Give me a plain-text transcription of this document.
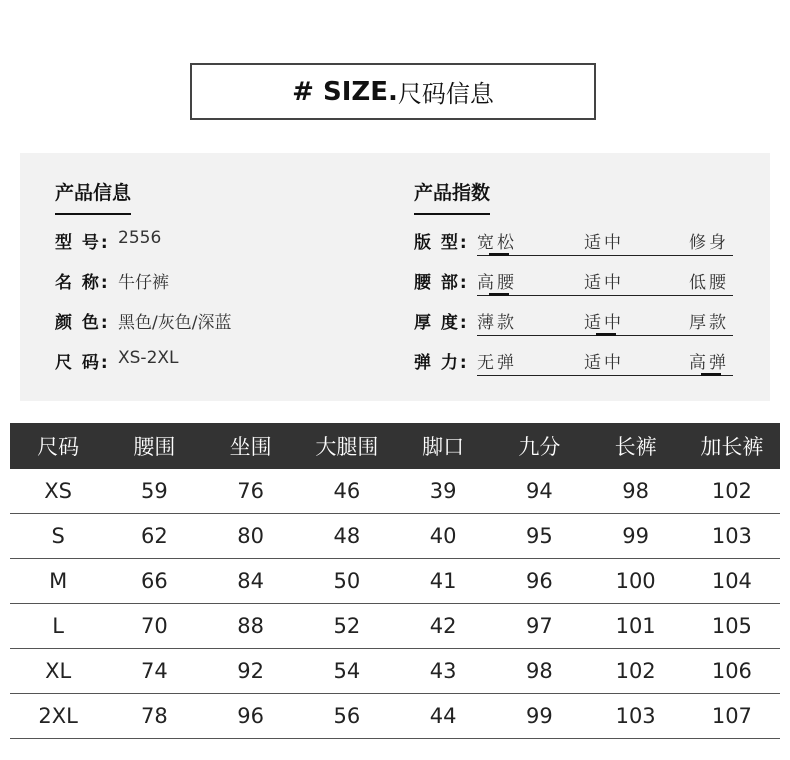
# SIZE. 尺码信息
产品信息	产品指数
型 号: 2556
名 称: 牛仔裤
颜 色: 黑色/灰色/深蓝
尺 码: XS-2XL
版 型: 宽松	适中	修身
腰 部: 高腰	适中	低腰
厚 度: 薄款	适中	厚款
弹 力: 无弹	适中	高弹
尺码	腰围	坐围	大腿围	脚口	九分	长裤	加长裤
XS	59	76	46	39	94	98	102
S	62	80	48	40	95	99	103
M	66	84	50	41	96	100	104
L	70	88	52	42	97	101	105
XL	74	92	54	43	98	102	106
2XL	78	96	56	44	99	103	107
